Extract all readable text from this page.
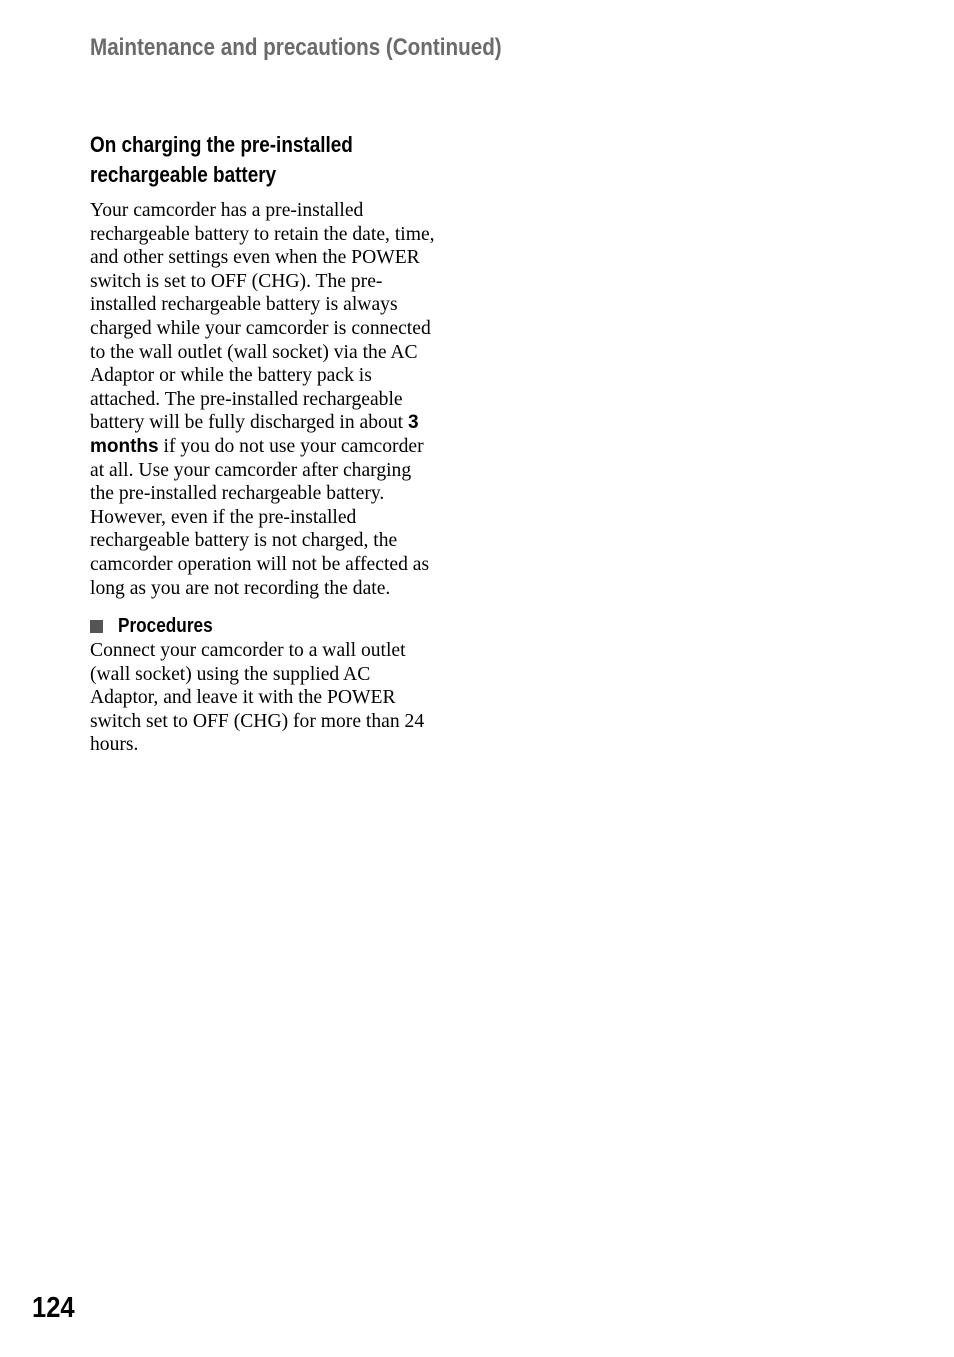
Maintenance and precautions (Continued)
On charging the pre-installed
rechargeable battery

Your camcorder has a pre-installed
rechargeable battery to retain the date, time,
and other settings even when the POWER
switch is set to OFF (CHG). The pre-
installed rechargeable battery is always
charged while your camcorder is connected
to the wall outlet (wall socket) via the AC
Adaptor or while the battery pack is
attached. The pre-installed rechargeable
battery will be fully discharged in about 3
months if you do not use your camcorder
at all. Use your camcorder after charging
the pre-installed rechargeable battery.
However, even if the pre-installed
rechargeable battery is not charged, the
camcorder operation will not be affected as
long as you are not recording the date.

Procedures

Connect your camcorder to a wall outlet
(wall socket) using the supplied AC
Adaptor, and leave it with the POWER
switch set to OFF (CHG) for more than 24
hours.

124
